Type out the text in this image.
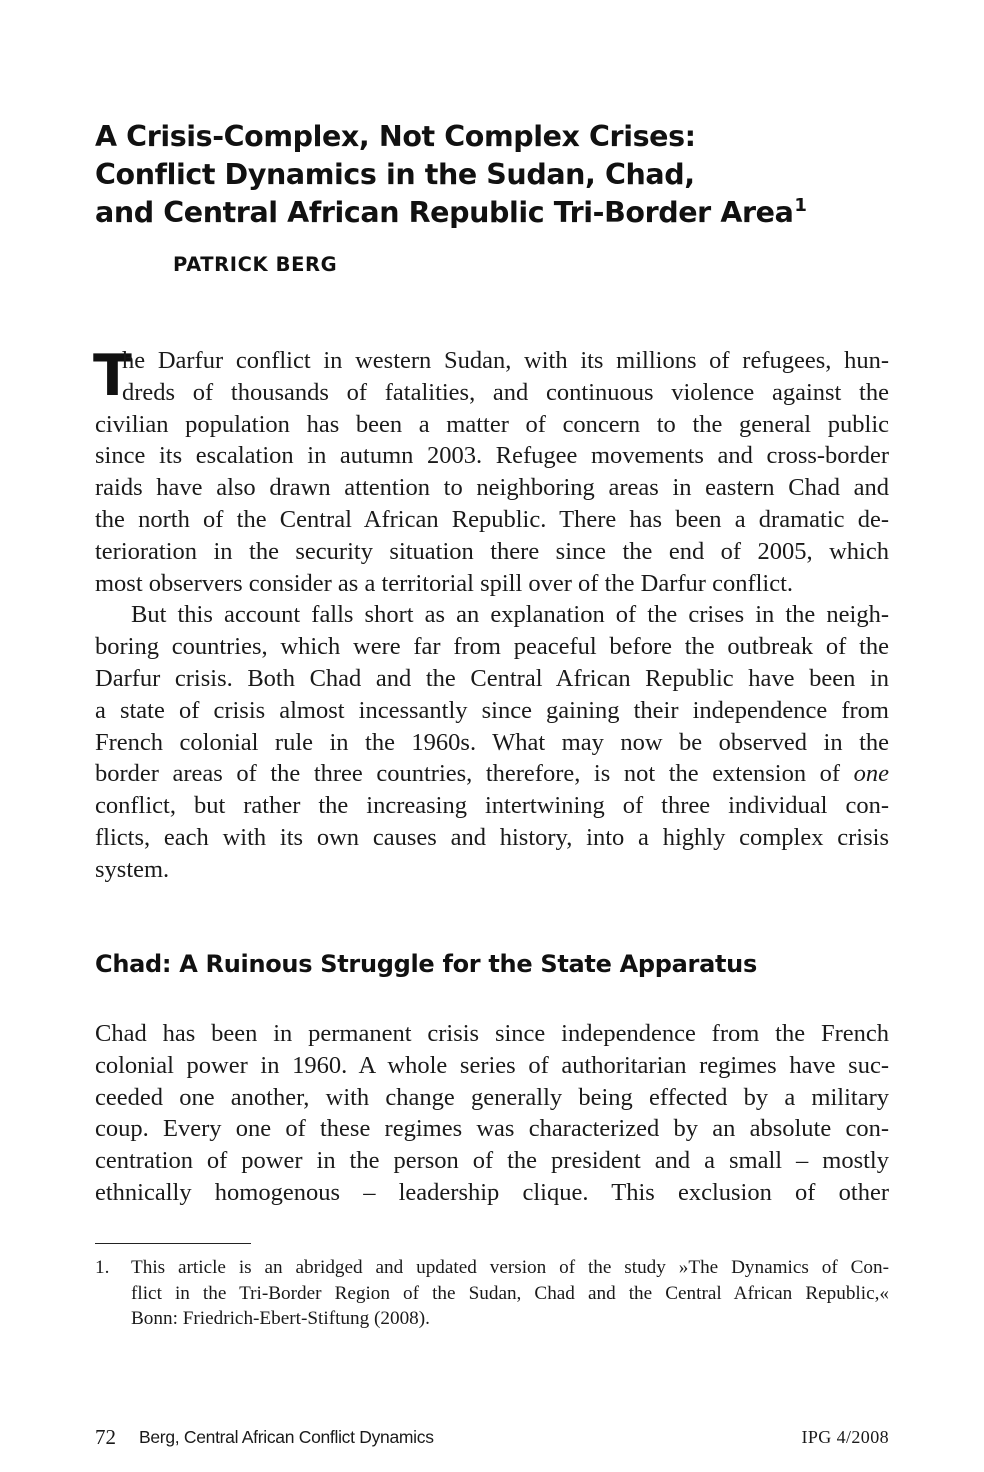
A Crisis-Complex, Not Complex Crises:
Conflict Dynamics in the Sudan, Chad,
and Central African Republic Tri-Border Area$^1$

PATRICK BERG

T
he Darfur conflict in western Sudan, with its millions of refugees, hun-
dreds of thousands of fatalities, and continuous violence against the
civilian population has been a matter of concern to the general public
since its escalation in autumn 2003. Refugee movements and cross-border
raids have also drawn attention to neighboring areas in eastern Chad and
the north of the Central African Republic. There has been a dramatic de-
terioration in the security situation there since the end of 2005, which
most observers consider as a territorial spill over of the Darfur conflict.
But this account falls short as an explanation of the crises in the neigh-
boring countries, which were far from peaceful before the outbreak of the
Darfur crisis. Both Chad and the Central African Republic have been in
a state of crisis almost incessantly since gaining their independence from
French colonial rule in the 1960s. What may now be observed in the
border areas of the three countries, therefore, is not the extension of one
conflict, but rather the increasing intertwining of three individual con-
flicts, each with its own causes and history, into a highly complex crisis
system.
Chad: A Ruinous Struggle for the State Apparatus
Chad has been in permanent crisis since independence from the French
colonial power in 1960. A whole series of authoritarian regimes have suc-
ceeded one another, with change generally being effected by a military
coup. Every one of these regimes was characterized by an absolute con-
centration of power in the person of the president and a small – mostly
ethnically homogenous – leadership clique. This exclusion of other
1. This article is an abridged and updated version of the study »The Dynamics of Con-
flict in the Tri-Border Region of the Sudan, Chad and the Central African Republic,«
Bonn: Friedrich-Ebert-Stiftung (2008).
72 Berg, Central African Conflict Dynamics	IPG 4/2008
